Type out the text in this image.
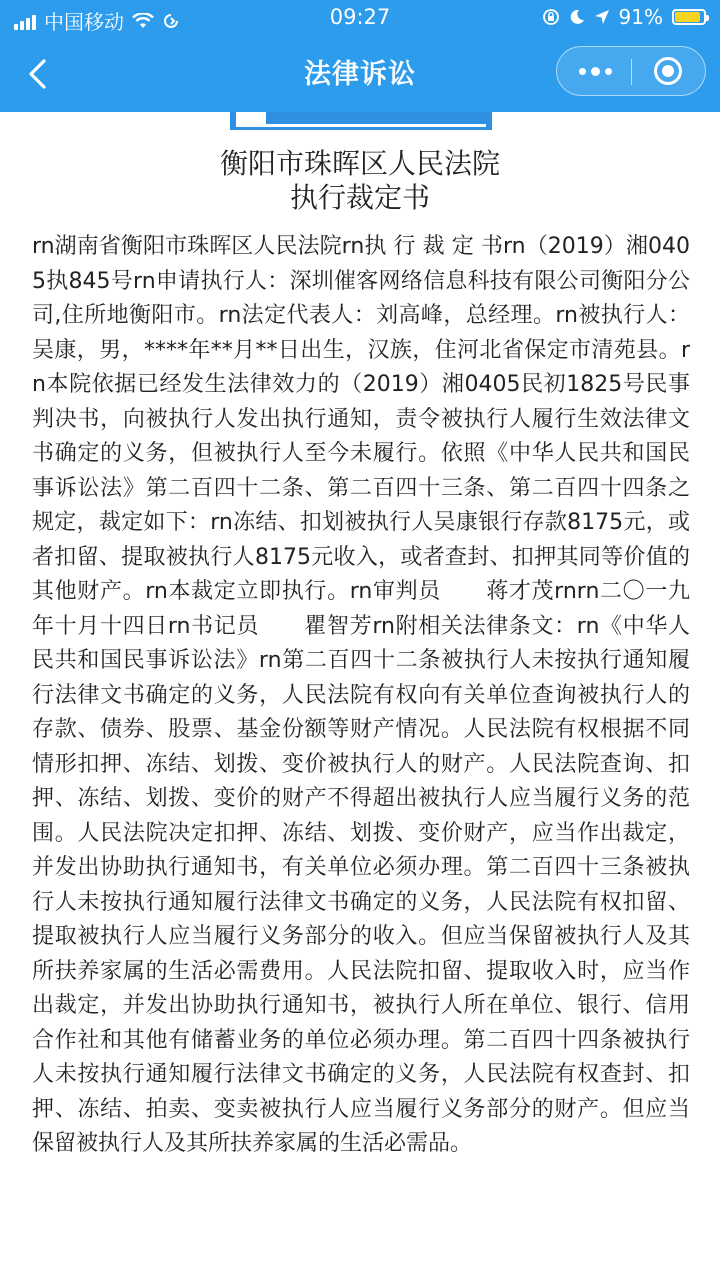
中国移动	09:27	91%
法律诉讼
衡阳市珠晖区人民法院
执行裁定书
rn湖南省衡阳市珠晖区人民法院rn执 行 裁 定 书rn（2019）湘0405执845号rn申请执行人：深圳催客网络信息科技有限公司衡阳分公司,住所地衡阳市。rn法定代表人：刘高峰，总经理。rn被执行人：吴康，男，****年**月**日出生，汉族，住河北省保定市清苑县。rn本院依据已经发生法律效力的（2019）湘0405民初1825号民事判决书，向被执行人发出执行通知，责令被执行人履行生效法律文书确定的义务，但被执行人至今未履行。依照《中华人民共和国民事诉讼法》第二百四十二条、第二百四十三条、第二百四十四条之规定，裁定如下：rn冻结、扣划被执行人吴康银行存款8175元，或者扣留、提取被执行人8175元收入，或者查封、扣押其同等价值的其他财产。rn本裁定立即执行。rn审判员　　蒋才茂rnrn二〇一九年十月十四日rn书记员　　瞿智芳rn附相关法律条文：rn《中华人民共和国民事诉讼法》rn第二百四十二条被执行人未按执行通知履行法律文书确定的义务，人民法院有权向有关单位查询被执行人的存款、债券、股票、基金份额等财产情况。人民法院有权根据不同情形扣押、冻结、划拨、变价被执行人的财产。人民法院查询、扣押、冻结、划拨、变价的财产不得超出被执行人应当履行义务的范围。人民法院决定扣押、冻结、划拨、变价财产，应当作出裁定，并发出协助执行通知书，有关单位必须办理。第二百四十三条被执行人未按执行通知履行法律文书确定的义务，人民法院有权扣留、提取被执行人应当履行义务部分的收入。但应当保留被执行人及其所扶养家属的生活必需费用。人民法院扣留、提取收入时，应当作出裁定，并发出协助执行通知书，被执行人所在单位、银行、信用合作社和其他有储蓄业务的单位必须办理。第二百四十四条被执行人未按执行通知履行法律文书确定的义务，人民法院有权查封、扣押、冻结、拍卖、变卖被执行人应当履行义务部分的财产。但应当保留被执行人及其所扶养家属的生活必需品。
